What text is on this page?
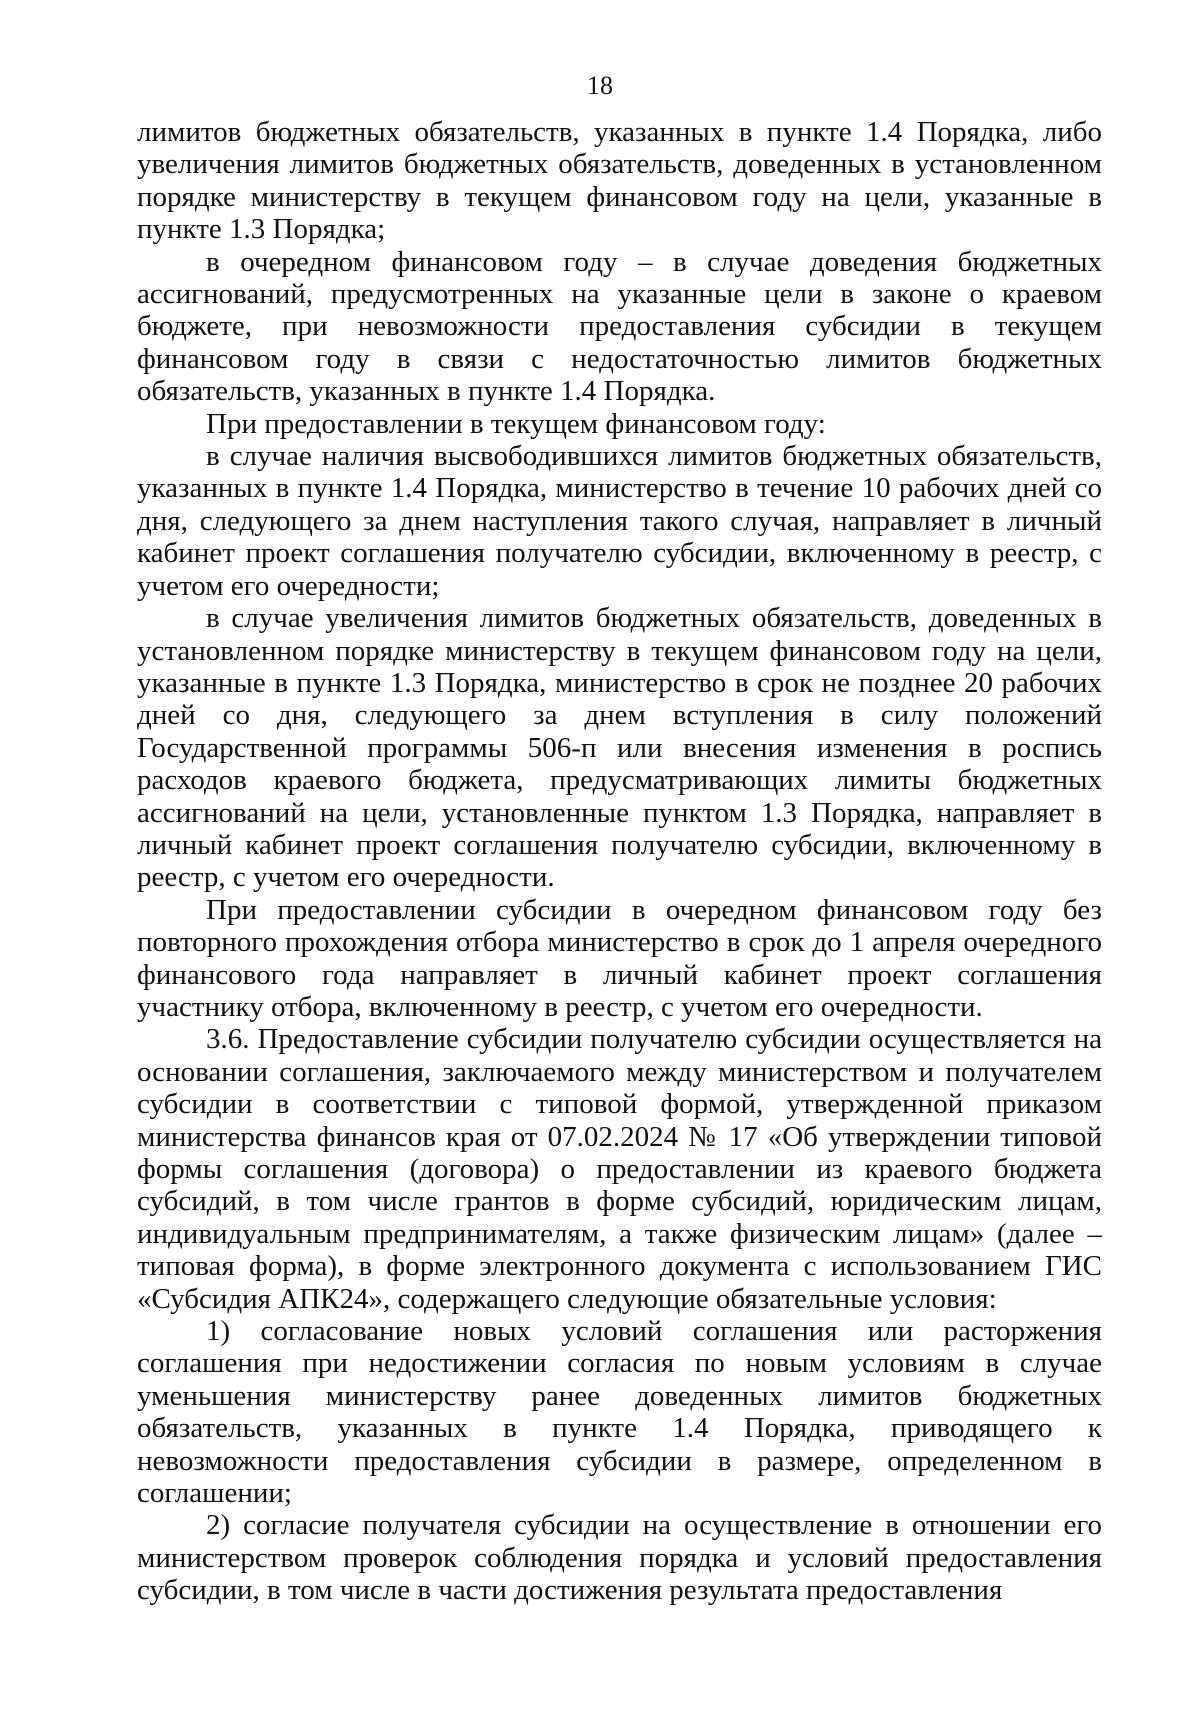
18

лимитов бюджетных обязательств, указанных в пункте 1.4 Порядка, либо увеличения лимитов бюджетных обязательств, доведенных в установленном порядке министерству в текущем финансовом году на цели, указанные в пункте 1.3 Порядка;

в очередном финансовом году – в случае доведения бюджетных ассигнований, предусмотренных на указанные цели в законе о краевом бюджете, при невозможности предоставления субсидии в текущем финансовом году в связи с недостаточностью лимитов бюджетных обязательств, указанных в пункте 1.4 Порядка.

При предоставлении в текущем финансовом году:

в случае наличия высвободившихся лимитов бюджетных обязательств, указанных в пункте 1.4 Порядка, министерство в течение 10 рабочих дней со дня, следующего за днем наступления такого случая, направляет в личный кабинет проект соглашения получателю субсидии, включенному в реестр, с учетом его очередности;

в случае увеличения лимитов бюджетных обязательств, доведенных в установленном порядке министерству в текущем финансовом году на цели, указанные в пункте 1.3 Порядка, министерство в срок не позднее 20 рабочих дней со дня, следующего за днем вступления в силу положений Государственной программы 506-п или внесения изменения в роспись расходов краевого бюджета, предусматривающих лимиты бюджетных ассигнований на цели, установленные пунктом 1.3 Порядка, направляет в личный кабинет проект соглашения получателю субсидии, включенному в реестр, с учетом его очередности.

При предоставлении субсидии в очередном финансовом году без повторного прохождения отбора министерство в срок до 1 апреля очередного финансового года направляет в личный кабинет проект соглашения участнику отбора, включенному в реестр, с учетом его очередности.

3.6. Предоставление субсидии получателю субсидии осуществляется на основании соглашения, заключаемого между министерством и получателем субсидии в соответствии с типовой формой, утвержденной приказом министерства финансов края от 07.02.2024 № 17 «Об утверждении типовой формы соглашения (договора) о предоставлении из краевого бюджета субсидий, в том числе грантов в форме субсидий, юридическим лицам, индивидуальным предпринимателям, а также физическим лицам» (далее – типовая форма), в форме электронного документа с использованием ГИС «Субсидия АПК24», содержащего следующие обязательные условия:

1) согласование новых условий соглашения или расторжения соглашения при недостижении согласия по новым условиям в случае уменьшения министерству ранее доведенных лимитов бюджетных обязательств, указанных в пункте 1.4 Порядка, приводящего к невозможности предоставления субсидии в размере, определенном в соглашении;

2) согласие получателя субсидии на осуществление в отношении его министерством проверок соблюдения порядка и условий предоставления субсидии, в том числе в части достижения результата предоставления
